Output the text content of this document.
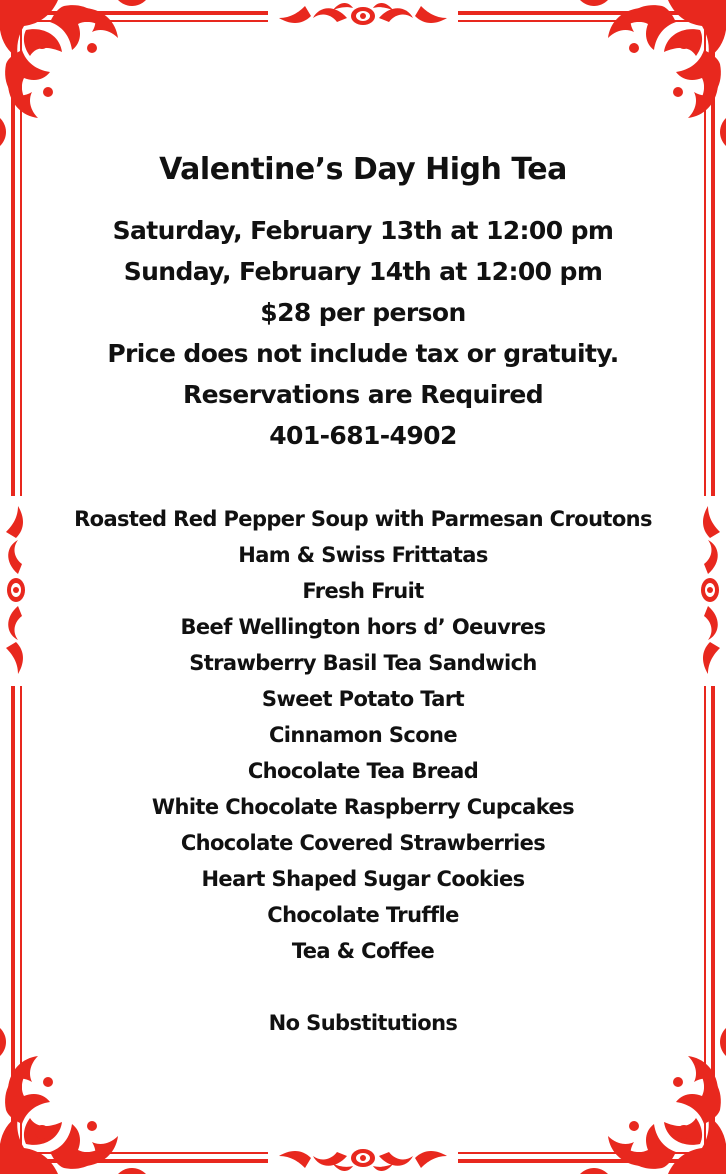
Valentine’s Day High Tea
Saturday, February 13th at 12:00 pm
Sunday, February 14th at 12:00 pm
$28 per person
Price does not include tax or gratuity.
Reservations are Required
401-681-4902
Roasted Red Pepper Soup with Parmesan Croutons
Ham & Swiss Frittatas
Fresh Fruit
Beef Wellington hors d’ Oeuvres
Strawberry Basil Tea Sandwich
Sweet Potato Tart
Cinnamon Scone
Chocolate Tea Bread
White Chocolate Raspberry Cupcakes
Chocolate Covered Strawberries
Heart Shaped Sugar Cookies
Chocolate Truffle
Tea & Coffee
No Substitutions
